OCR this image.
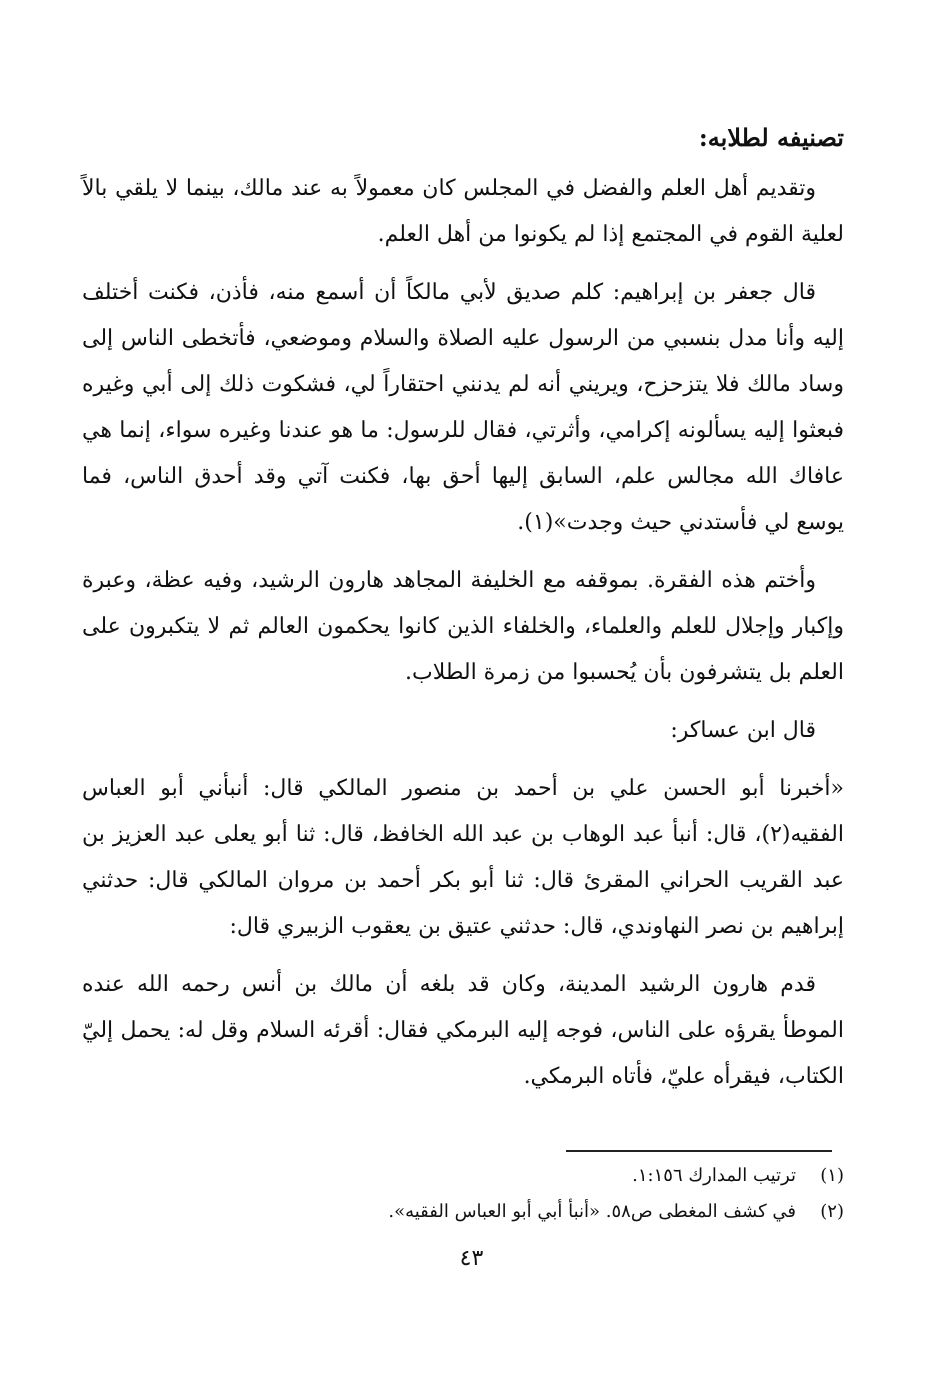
تصنيفه لطلابه:

وتقديم أهل العلم والفضل في المجلس كان معمولاً به عند مالك، بينما لا يلقي بالاً لعلية القوم في المجتمع إذا لم يكونوا من أهل العلم.

قال جعفر بن إبراهيم: كلم صديق لأبي مالكاً أن أسمع منه، فأذن، فكنت أختلف إليه وأنا مدل بنسبي من الرسول عليه الصلاة والسلام وموضعي، فأتخطى الناس إلى وساد مالك فلا يتزحزح، ويريني أنه لم يدنني احتقاراً لي، فشكوت ذلك إلى أبي وغيره فبعثوا إليه يسألونه إكرامي، وأثرتي، فقال للرسول: ما هو عندنا وغيره سواء، إنما هي عافاك الله مجالس علم، السابق إليها أحق بها، فكنت آتي وقد أحدق الناس، فما يوسع لي فأستدني حيث وجدت»(١).

وأختم هذه الفقرة. بموقفه مع الخليفة المجاهد هارون الرشيد، وفيه عظة، وعبرة وإكبار وإجلال للعلم والعلماء، والخلفاء الذين كانوا يحكمون العالم ثم لا يتكبرون على العلم بل يتشرفون بأن يُحسبوا من زمرة الطلاب.

قال ابن عساكر:

«أخبرنا أبو الحسن علي بن أحمد بن منصور المالكي قال: أنبأني أبو العباس الفقيه(٢)، قال: أنبأ عبد الوهاب بن عبد الله الخافظ، قال: ثنا أبو يعلى عبد العزيز بن عبد القريب الحراني المقرئ قال: ثنا أبو بكر أحمد بن مروان المالكي قال: حدثني إبراهيم بن نصر النهاوندي، قال: حدثني عتيق بن يعقوب الزبيري قال:

قدم هارون الرشيد المدينة، وكان قد بلغه أن مالك بن أنس رحمه الله عنده الموطأ يقرؤه على الناس، فوجه إليه البرمكي فقال: أقرئه السلام وقل له: يحمل إليّ الكتاب، فيقرأه عليّ، فأتاه البرمكي.

(١)
ترتيب المدارك ١:١٥٦.
(٢)
في كشف المغطى ص٥٨. «أنبأ أبي أبو العباس الفقيه».
٤٣
